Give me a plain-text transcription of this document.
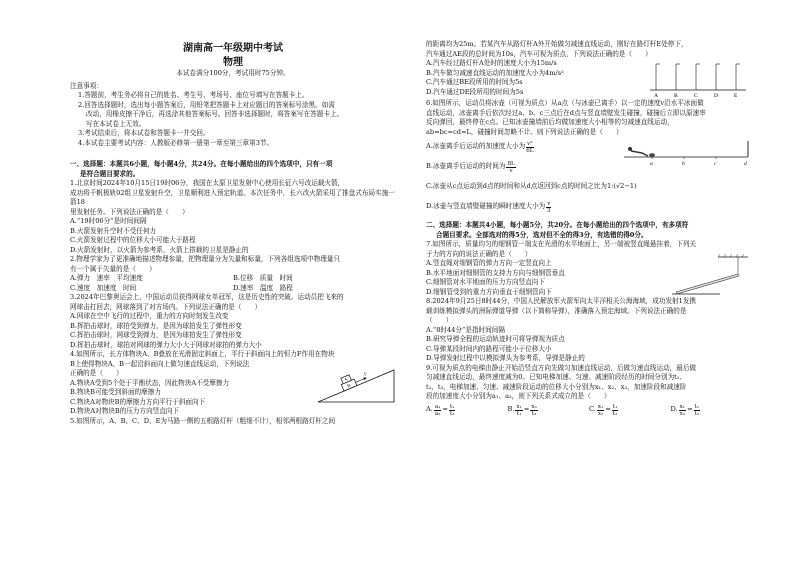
湖南高一年级期中考试
物理
本试卷满分100分，考试用时75分钟。
注意事项：
1.答题前，考生务必将自己的姓名、考生号、考场号、座位号填写在答题卡上。
2.回答选择题时，选出每小题答案后，用铅笔把答题卡上对应题目的答案标号涂黑。如需
改动，用橡皮擦干净后，再选涂其他答案标号。回答非选择题时，将答案写在答题卡上。
写在本试卷上无效。
3.考试结束后，将本试卷和答题卡一并交回。
4.本试卷主要考试内容：人教版必修第一册第一章至第三章第3节。
一、选择题：本题共6小题，每小题4分，共24分。在每小题给出的四个选项中，只有一项
是符合题目要求的。
1.北京时间2024年10月15日19时06分，我国在太原卫星发射中心使用长征六号改运载火箭，
成功将千帆极轨02组卫星发射升空，卫星顺利进入预定轨道。本次任务中，长六改火箭采用了推盘式布局实施一箭18
里发射任务。下列说法正确的是（　　）
A.“19时06分”是时间间隔
B.火箭发射升空时不受任何力
C.火箭发射过程中的位移大小可能大于路程
D.火箭发射时，以火箭为参考系，火箭上搭载的卫星是静止的
2.物理学家为了更准确地描述物理参量，把物理量分为矢量和标量，下列各组选项中物理量只
有一个属于矢量的是（　　）
A.弹力　速率　平均速度	B.位移　质量　时间
C.速度　加速度　时间	D.速率　温度　路程
3.2024年巴黎奥运会上，中国运动员获得网球女单冠军，这是历史性的突破。运动员把飞来的
网球击打回去，网球落到了对方场内。下列说法正确的是（　　）
A.网球在空中飞行的过程中，重力的方向时刻发生改变
B.挥拍击球时，球拍受到弹力，是因为球拍发生了弹性形变
C.挥拍击球时，网球受到弹力，是因为球拍发生了弹性形变
D.挥拍击球时，球拍对网球的弹力大小大于网球对球拍的弹力大小
4.如图所示，长方体物块A、B叠放在光滑固定斜面上，平行于斜面向上的恒力F作用在物块
B上使得物块A、B一起沿斜面向上做匀速直线运动，下列说法
正确的是（　　）
A.物块A受到5个处于平衡状态，因此物块A不受摩擦力
B.物块B可能受到斜面的摩擦力
C.物块A对物块B的摩擦力方向平行于斜面向下
D.物块A对物块B的压力方向竖直向下
A
B
F
5.如图所示，A、B、C、D、E为马路一侧的五根路灯杆（粗细不计），相邻两根路灯杆之间
的距离均为25m。若某汽车从路灯杆A外开始做匀减速直线运动，刚好在路灯杆E处停下，
汽车通过AE段的总时间为10s，汽车可视为质点，下列说法正确的是（　　）
A.汽车经过路灯杆A处时的速度大小为15m/s
B.汽车做匀减速直线运动的加速度大小为4m/s²
C.汽车通过BE段所用的时间为5s
D.汽车通过DE段所用的时间为5s
A	B	C	D	E
6.如图所示，运动员将冰壶（可视为质点）从a点（与冰壶已离手）以一定的速度v沿水平冰面做
直线运动，冰壶离手后依次经过a、b、c三点后在d点与竖直墙壁发生碰撞，碰撞后立即以原速率
反向弹回，最终停在c点。已知冰壶撞墙前后均做加速度大小相等的匀减速直线运动，
ab=bc=cd=L，碰撞时间忽略不计。则下列说法正确的是（　　）
A.冰壶离手后运动的加速度大小为 $\frac{\text{v²}}{6L}$
B.冰壶离手后运动的时间为 $\frac{8L}{v}$
C.冰壶从c点运动到d点的时间和从d点返回到c点的时间之比为1:(√2−1)
D.冰壶与竖直墙壁碰撞的瞬时速度大小为 $\frac{v}{3}$
a	b	c	d
二、选择题：本题共4小题，每小题5分，共20分。在每小题给出的四个选项中，有多项符
合题目要求。全部选对的得5分，选对但不全的得3分，有选错的得0分。
7.如图所示，质量均匀的细钢管一端支在光滑的水平地面上，另一端被竖直绳悬挂着，下列关
于力的方向的说法正确的是（　　）
A.竖直绳对细钢管的弹力方向一定竖直向上
B.水平地面对细钢管的支持力方向与细钢管垂直
C.细钢管对水平地面的压力方向竖直向下
D.细钢管受到的重力方向垂直于细钢管向下
8.2024年9月25日8时44分，中国人民解放军火箭军向太平洋相关公海海域，成功发射1发携
载训练模拟弹头的洲际弹道导弹（以下简称导弹），准确落入预定海域。下列说法正确的是
（　　）
A.“8时44分”是指时间间隔
B.研究导弹全程的运动轨迹时可将导弹视为质点
C.导弹某段时间内的路程可能小于位移大小
D.导弹发射过程中以模拟弹头为参考系，导弹是静止的
9.可视为质点的电梯由静止开始沿竖直方向先做匀加速直线运动，后做匀速直线运动，最后做
匀减速直线运动，最终速度减为0。已知电梯加速、匀速、减速阶段经历的时间分别为t₁、
t₂、t₃，电梯加速、匀速、减速阶段运动的位移大小分别为x₁、x₂、x₃，加速阶段和减速阶
段的加速度大小分别为a₁、a₃，则下列关系式成立的是（　　）
A. $\frac{\text{a₁}}{\text{a₃}} = \frac{\text{t₁}}{\text{t₃}}$	B. $\frac{\text{x₁}}{\text{t₁}} = \frac{\text{x₃}}{\text{t₃}}$	C. $\frac{\text{x₁}}{\text{x₂}} = \frac{\text{t₁}}{\text{t₂}}$	D. $\frac{\text{x₁}}{\text{x₃}} = \frac{\text{t₁}}{\text{t₃}}$
